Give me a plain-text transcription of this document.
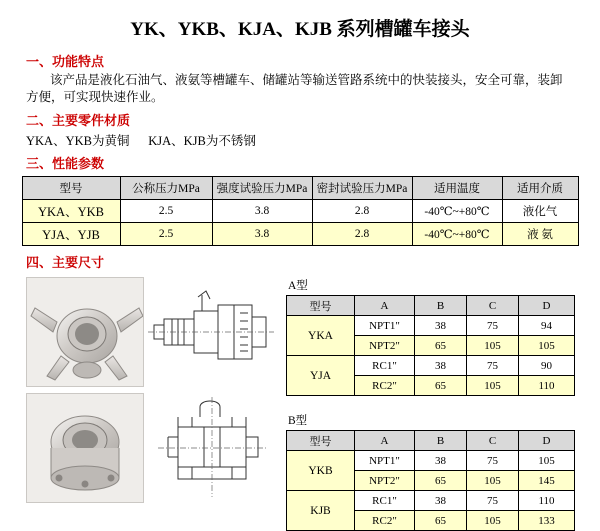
YK、YKB、KJA、KJB 系列槽罐车接头
一、功能特点
该产品是液化石油气、液氨等槽罐车、储罐站等输送管路系统中的快装接头，安全可靠，装卸方便，可实现快速作业。
二、主要零件材质
YKA、YKB为黄铜      KJA、KJB为不锈钢
三、性能参数
型号	公称压力MPa	强度试验压力MPa	密封试验压力MPa	适用温度	适用介质
YKA、YKB	2.5	3.8	2.8	-40℃~+80℃	液化气
YJA、YJB	2.5	3.8	2.8	-40℃~+80℃	液 氨
四、主要尺寸
A型
型号	A	B	C	D
YKA	NPT1"	38	75	94
	NPT2"	65	105	105
YJA	RC1"	38	75	90
	RC2"	65	105	110
B型
型号	A	B	C	D
YKB	NPT1"	38	75	105
	NPT2"	65	105	145
KJB	RC1"	38	75	110
	RC2"	65	105	133
